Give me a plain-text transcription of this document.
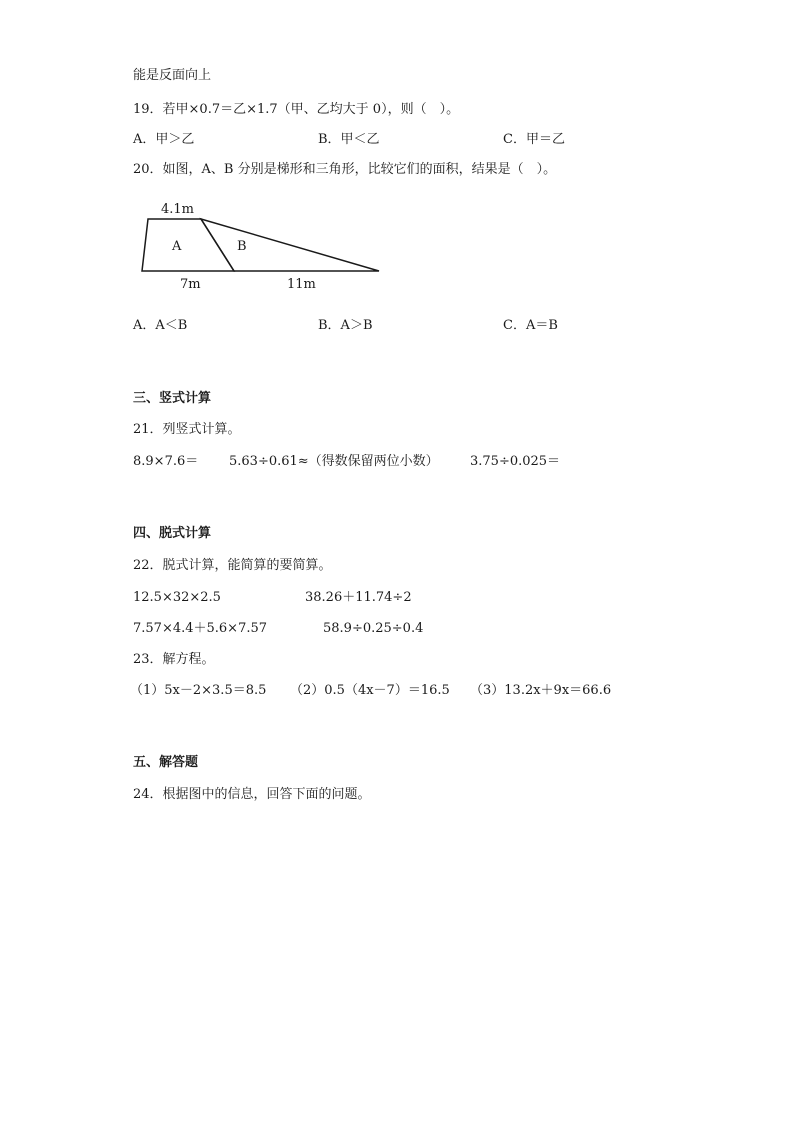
能是反面向上
19．若甲×0.7＝乙×1.7（甲、乙均大于 0），则（　）。
A．甲＞乙	B．甲＜乙	C．甲＝乙
20．如图，A、B 分别是梯形和三角形，比较它们的面积，结果是（　）。
4.1m
A	B
7m	11m
A．A＜B	B．A＞B	C．A＝B
三、竖式计算
21．列竖式计算。
8.9×7.6＝ 5.63÷0.61≈（得数保留两位小数） 3.75÷0.025＝
四、脱式计算
22．脱式计算，能简算的要简算。
12.5×32×2.5	38.26＋11.74÷2
7.57×4.4＋5.6×7.57	58.9÷0.25÷0.4
23．解方程。
（1）5x－2×3.5＝8.5 （2）0.5（4x－7）＝16.5 （3）13.2x＋9x＝66.6
五、解答题
24．根据图中的信息，回答下面的问题。
